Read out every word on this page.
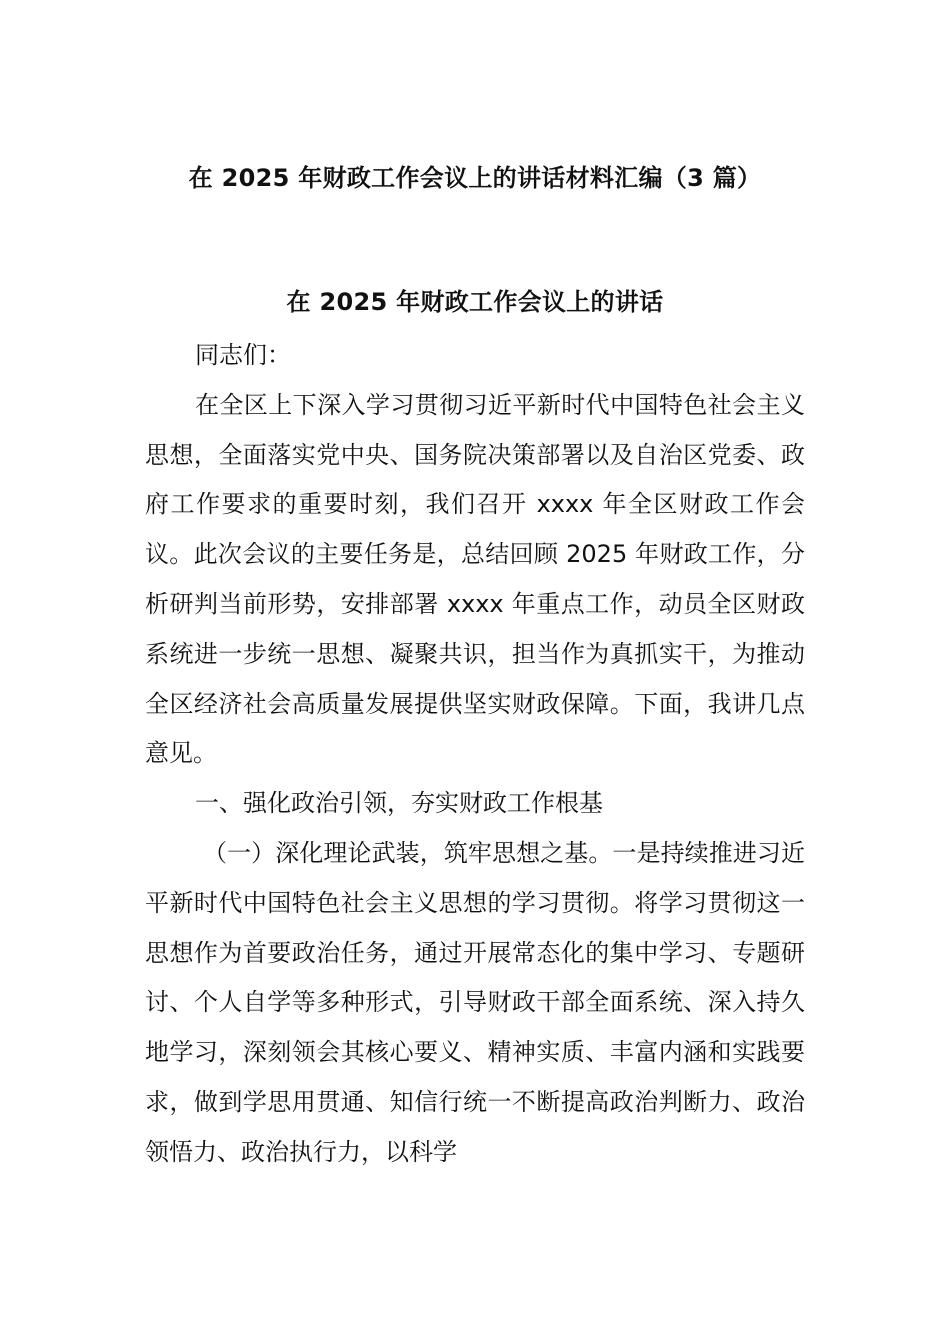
在 2025 年财政工作会议上的讲话材料汇编（3 篇）
在 2025 年财政工作会议上的讲话

同志们：

在全区上下深入学习贯彻习近平新时代中国特色社会主义思想，全面落实党中央、国务院决策部署以及自治区党委、政府工作要求的重要时刻，我们召开 xxxx 年全区财政工作会议。此次会议的主要任务是，总结回顾 2025 年财政工作，分析研判当前形势，安排部署 xxxx 年重点工作，动员全区财政系统进一步统一思想、凝聚共识，担当作为真抓实干，为推动全区经济社会高质量发展提供坚实财政保障。下面，我讲几点意见。

一、强化政治引领，夯实财政工作根基

（一）深化理论武装，筑牢思想之基。一是持续推进习近平新时代中国特色社会主义思想的学习贯彻。将学习贯彻这一思想作为首要政治任务，通过开展常态化的集中学习、专题研讨、个人自学等多种形式，引导财政干部全面系统、深入持久地学习，深刻领会其核心要义、精神实质、丰富内涵和实践要求，做到学思用贯通、知信行统一不断提高政治判断力、政治领悟力、政治执行力，以科学
